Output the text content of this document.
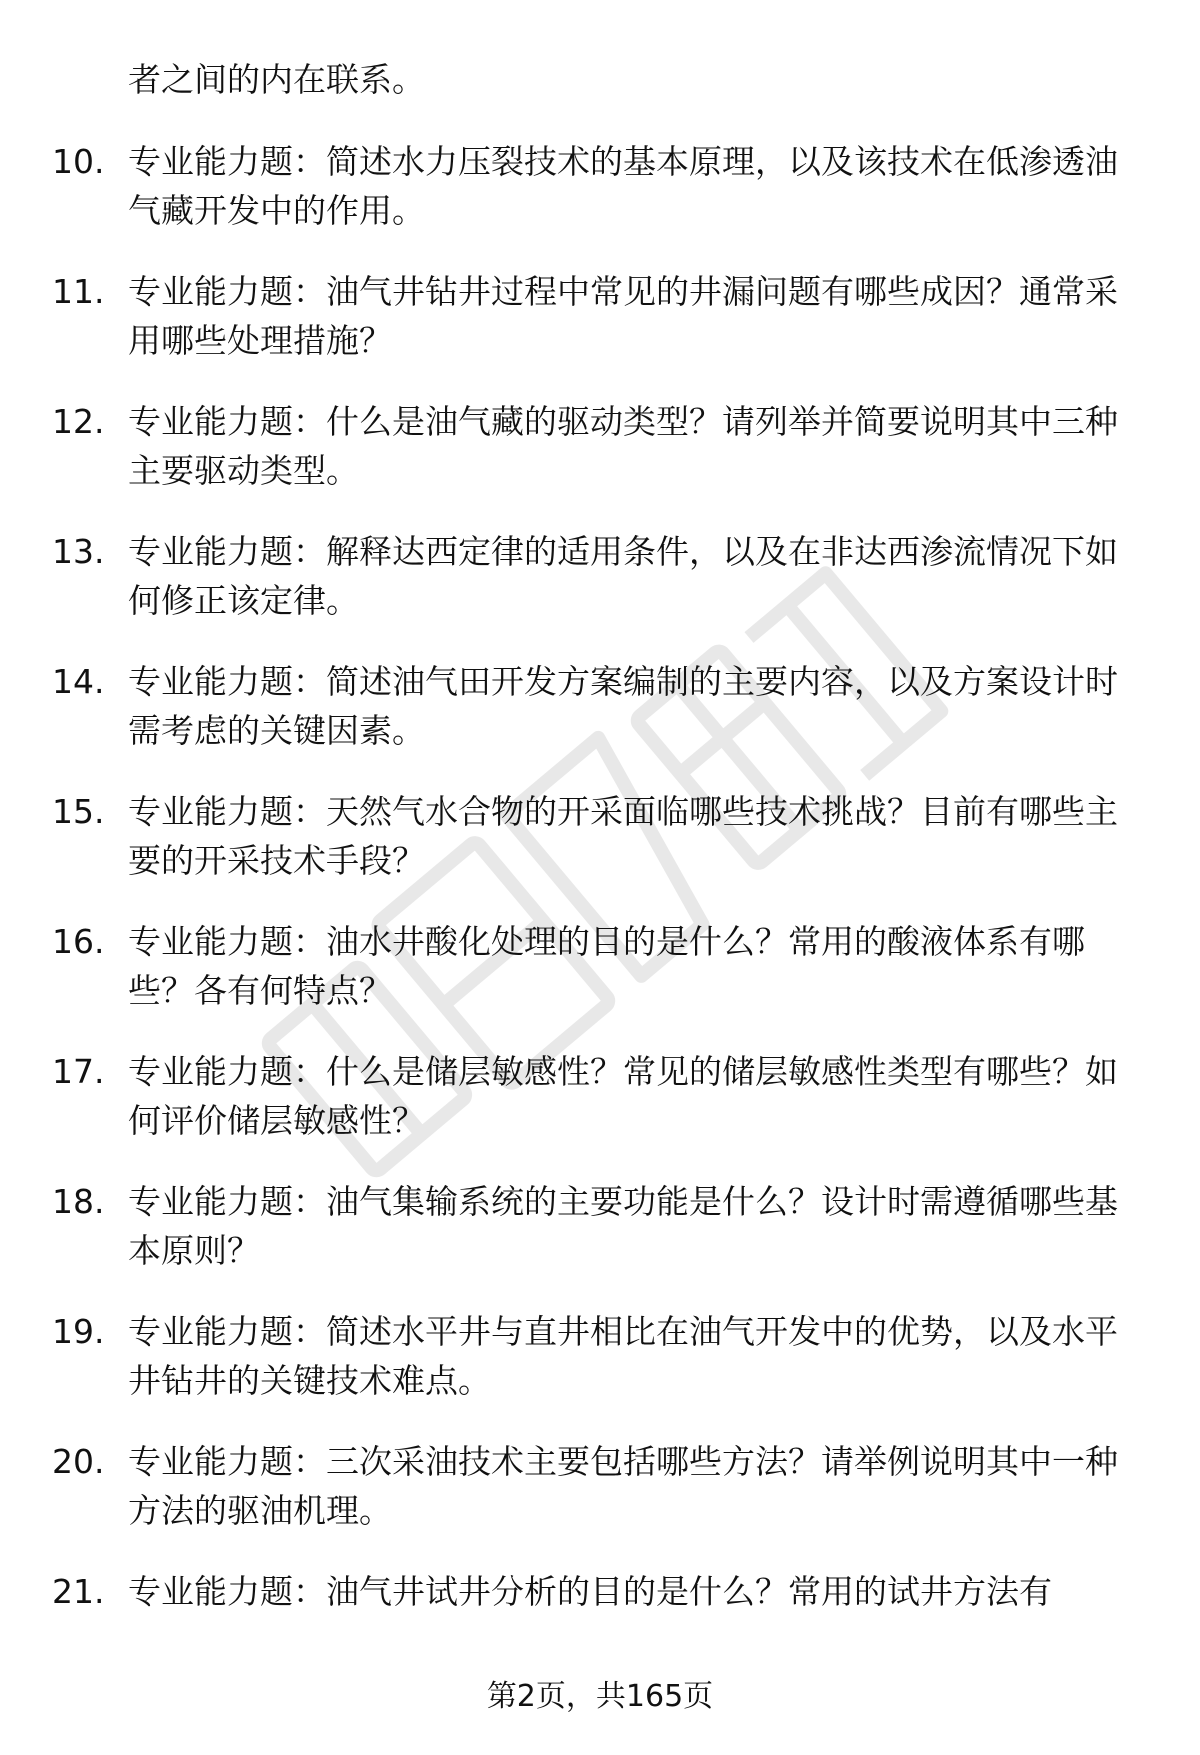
者之间的内在联系。
10. 专业能力题：简述水力压裂技术的基本原理，以及该技术在低渗透油气藏开发中的作用。
11. 专业能力题：油气井钻井过程中常见的井漏问题有哪些成因？通常采用哪些处理措施？
12. 专业能力题：什么是油气藏的驱动类型？请列举并简要说明其中三种主要驱动类型。
13. 专业能力题：解释达西定律的适用条件，以及在非达西渗流情况下如何修正该定律。
14. 专业能力题：简述油气田开发方案编制的主要内容，以及方案设计时需考虑的关键因素。
15. 专业能力题：天然气水合物的开采面临哪些技术挑战？目前有哪些主要的开采技术手段？
16. 专业能力题：油水井酸化处理的目的是什么？常用的酸液体系有哪些？各有何特点？
17. 专业能力题：什么是储层敏感性？常见的储层敏感性类型有哪些？如何评价储层敏感性？
18. 专业能力题：油气集输系统的主要功能是什么？设计时需遵循哪些基本原则？
19. 专业能力题：简述水平井与直井相比在油气开发中的优势，以及水平井钻井的关键技术难点。
20. 专业能力题：三次采油技术主要包括哪些方法？请举例说明其中一种方法的驱油机理。
21. 专业能力题：油气井试井分析的目的是什么？常用的试井方法有
第2页，共165页
